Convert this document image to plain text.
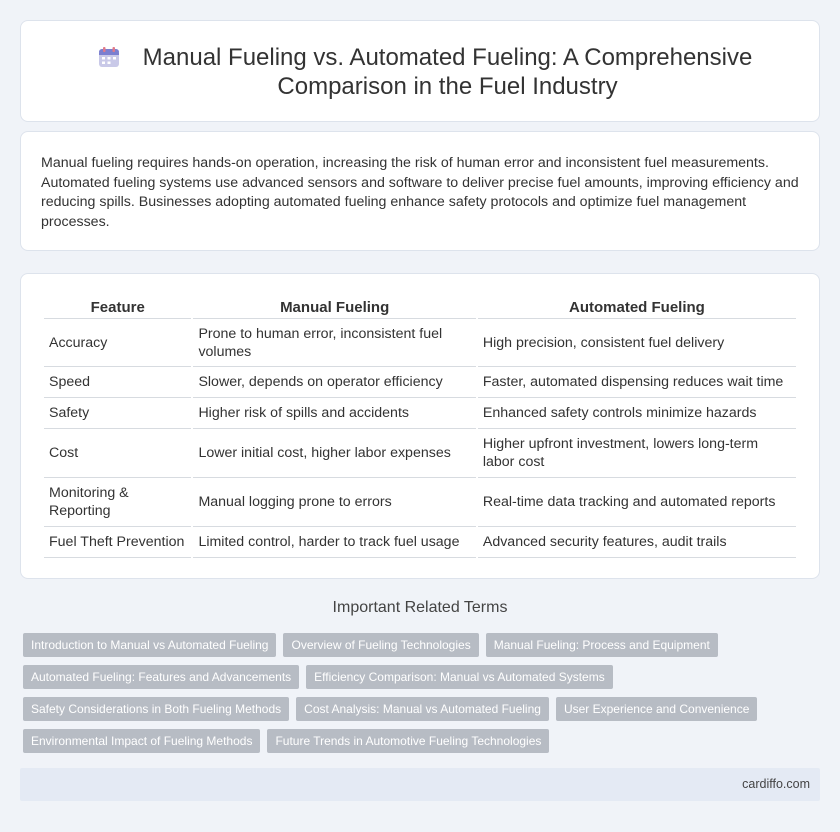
Manual Fueling vs. Automated Fueling: A Comprehensive Comparison in the Fuel Industry

Manual fueling requires hands-on operation, increasing the risk of human error and inconsistent fuel measurements. Automated fueling systems use advanced sensors and software to deliver precise fuel amounts, improving efficiency and reducing spills. Businesses adopting automated fueling enhance safety protocols and optimize fuel management processes.

Feature	Manual Fueling	Automated Fueling
Accuracy	Prone to human error, inconsistent fuel volumes	High precision, consistent fuel delivery
Speed	Slower, depends on operator efficiency	Faster, automated dispensing reduces wait time
Safety	Higher risk of spills and accidents	Enhanced safety controls minimize hazards
Cost	Lower initial cost, higher labor expenses	Higher upfront investment, lowers long-term labor cost
Monitoring & Reporting	Manual logging prone to errors	Real-time data tracking and automated reports
Fuel Theft Prevention	Limited control, harder to track fuel usage	Advanced security features, audit trails
Important Related Terms
Introduction to Manual vs Automated Fueling	Overview of Fueling Technologies	Manual Fueling: Process and Equipment
Automated Fueling: Features and Advancements	Efficiency Comparison: Manual vs Automated Systems
Safety Considerations in Both Fueling Methods	Cost Analysis: Manual vs Automated Fueling	User Experience and Convenience
Environmental Impact of Fueling Methods	Future Trends in Automotive Fueling Technologies
cardiffo.com
